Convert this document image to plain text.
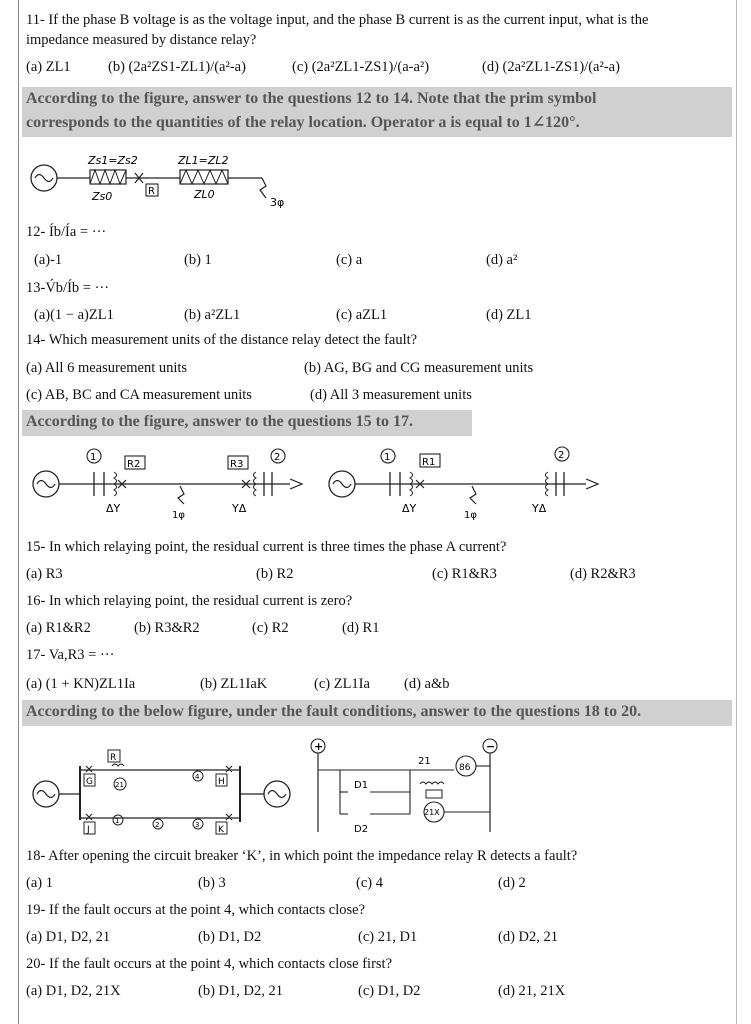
11- If the phase B voltage is as the voltage input, and the phase B current is as the current input, what is the
impedance measured by distance relay?
(a) ZL1	(b) (2a²ZS1-ZL1)/(a²-a)	(c) (2a²ZL1-ZS1)/(a-a²)	(d) (2a²ZL1-ZS1)/(a²-a)
According to the figure, answer to the questions 12 to 14. Note that the prim symbol
corresponds to the quantities of the relay location. Operator a is equal to 1∠120°.
R
Zs1=Zs2	ZL1=ZL2
Zs0	ZL0
3φ
12- Íb/Ía = ···
(a)-1	(b) 1	(c) a	(d) a²
13-V́b/Íb = ···
(a)(1 − a)ZL1	(b) a²ZL1	(c) aZL1	(d) ZL1
14- Which measurement units of the distance relay detect the fault?
(a) All 6 measurement units	(b) AG, BG and CG measurement units
(c) AB, BC and CA measurement units	(d) All 3 measurement units
According to the figure, answer to the questions 15 to 17.
1
R2
ΔY
1φ
R3
2
YΔ
1	R1
ΔY
1φ
2
YΔ
15- In which relaying point, the residual current is three times the phase A current?
(a) R3	(b) R2	(c) R1&R3	(d) R2&R3
16- In which relaying point, the residual current is zero?
(a) R1&R2	(b) R3&R2	(c) R2	(d) R1
17- Va,R3 = ···
(a) (1 + KN)ZL1Ia	(b) ZL1IaK	(c) ZL1Ia (d) a&b
According to the below figure, under the fault conditions, answer to the questions 18 to 20.
G
R
21
4 H
J
1	2	3 K
+	−
D1
D2
21
86
21X
18- After opening the circuit breaker ‘K’, in which point the impedance relay R detects a fault?
(a) 1	(b) 3	(c) 4	(d) 2
19- If the fault occurs at the point 4, which contacts close?
(a) D1, D2, 21	(b) D1, D2	(c) 21, D1	(d) D2, 21
20- If the fault occurs at the point 4, which contacts close first?
(a) D1, D2, 21X	(b) D1, D2, 21	(c) D1, D2	(d) 21, 21X
